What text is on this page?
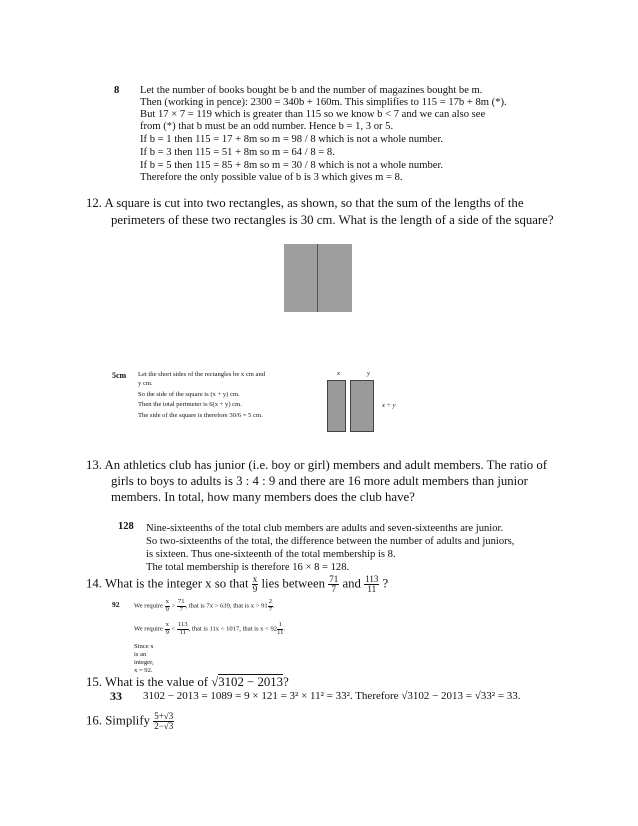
8 Let the number of books bought be b and the number of magazines bought be m.
Then (working in pence): 2300 = 340b + 160m. This simplifies to 115 = 17b + 8m (*).
But 17 × 7 = 119 which is greater than 115 so we know b < 7 and we can also see
from (*) that b must be an odd number. Hence b = 1, 3 or 5.
If b = 1 then 115 = 17 + 8m so m = 98 / 8 which is not a whole number.
If b = 3 then 115 = 51 + 8m so m = 64 / 8 = 8.
If b = 5 then 115 = 85 + 8m so m = 30 / 8 which is not a whole number.
Therefore the only possible value of b is 3 which gives m = 8.
12. A square is cut into two rectangles, as shown, so that the sum of the lengths of the
perimeters of these two rectangles is 30 cm. What is the length of a side of the square?
5cm Let the short sides of the rectangles be x cm and
y cm.
So the side of the square is (x + y) cm.
Then the total perimeter is 6(x + y) cm.
The side of the square is therefore 30/6 = 5 cm.
x	y
x + y
13. An athletics club has junior (i.e. boy or girl) members and adult members. The ratio of
girls to boys to adults is 3 : 4 : 9 and there are 16 more adult members than junior
members. In total, how many members does the club have?
128 Nine-sixteenths of the total club members are adults and seven-sixteenths are junior.
So two-sixteenths of the total, the difference between the number of adults and juniors,
is sixteen. Thus one-sixteenth of the total membership is 8.
The total membership is therefore 16 × 8 = 128.
14. What is the integer x so that $\frac{x}{9}$ lies between $\frac{71}{7}$ and $\frac{113}{11}$ ?
92 We require $\frac{x}{9} > \frac{71}{7}$ , that is 7x > 639, that is $x > 91 \frac{2}{7}$ .
We require $\frac{x}{9} < \frac{113}{11}$ , that is 11x < 1017, that is $x < 92 \frac{1}{11}$ .
Since x is an integer, x = 92.
15. What is the value of √3102 − 2013?
33 3102 − 2013 = 1089 = 9 × 121 = 3² × 11² = 33². Therefore √3102 − 2013 = √33² = 33.
16. Simplify $\frac{5+√3}{2-√3}$
